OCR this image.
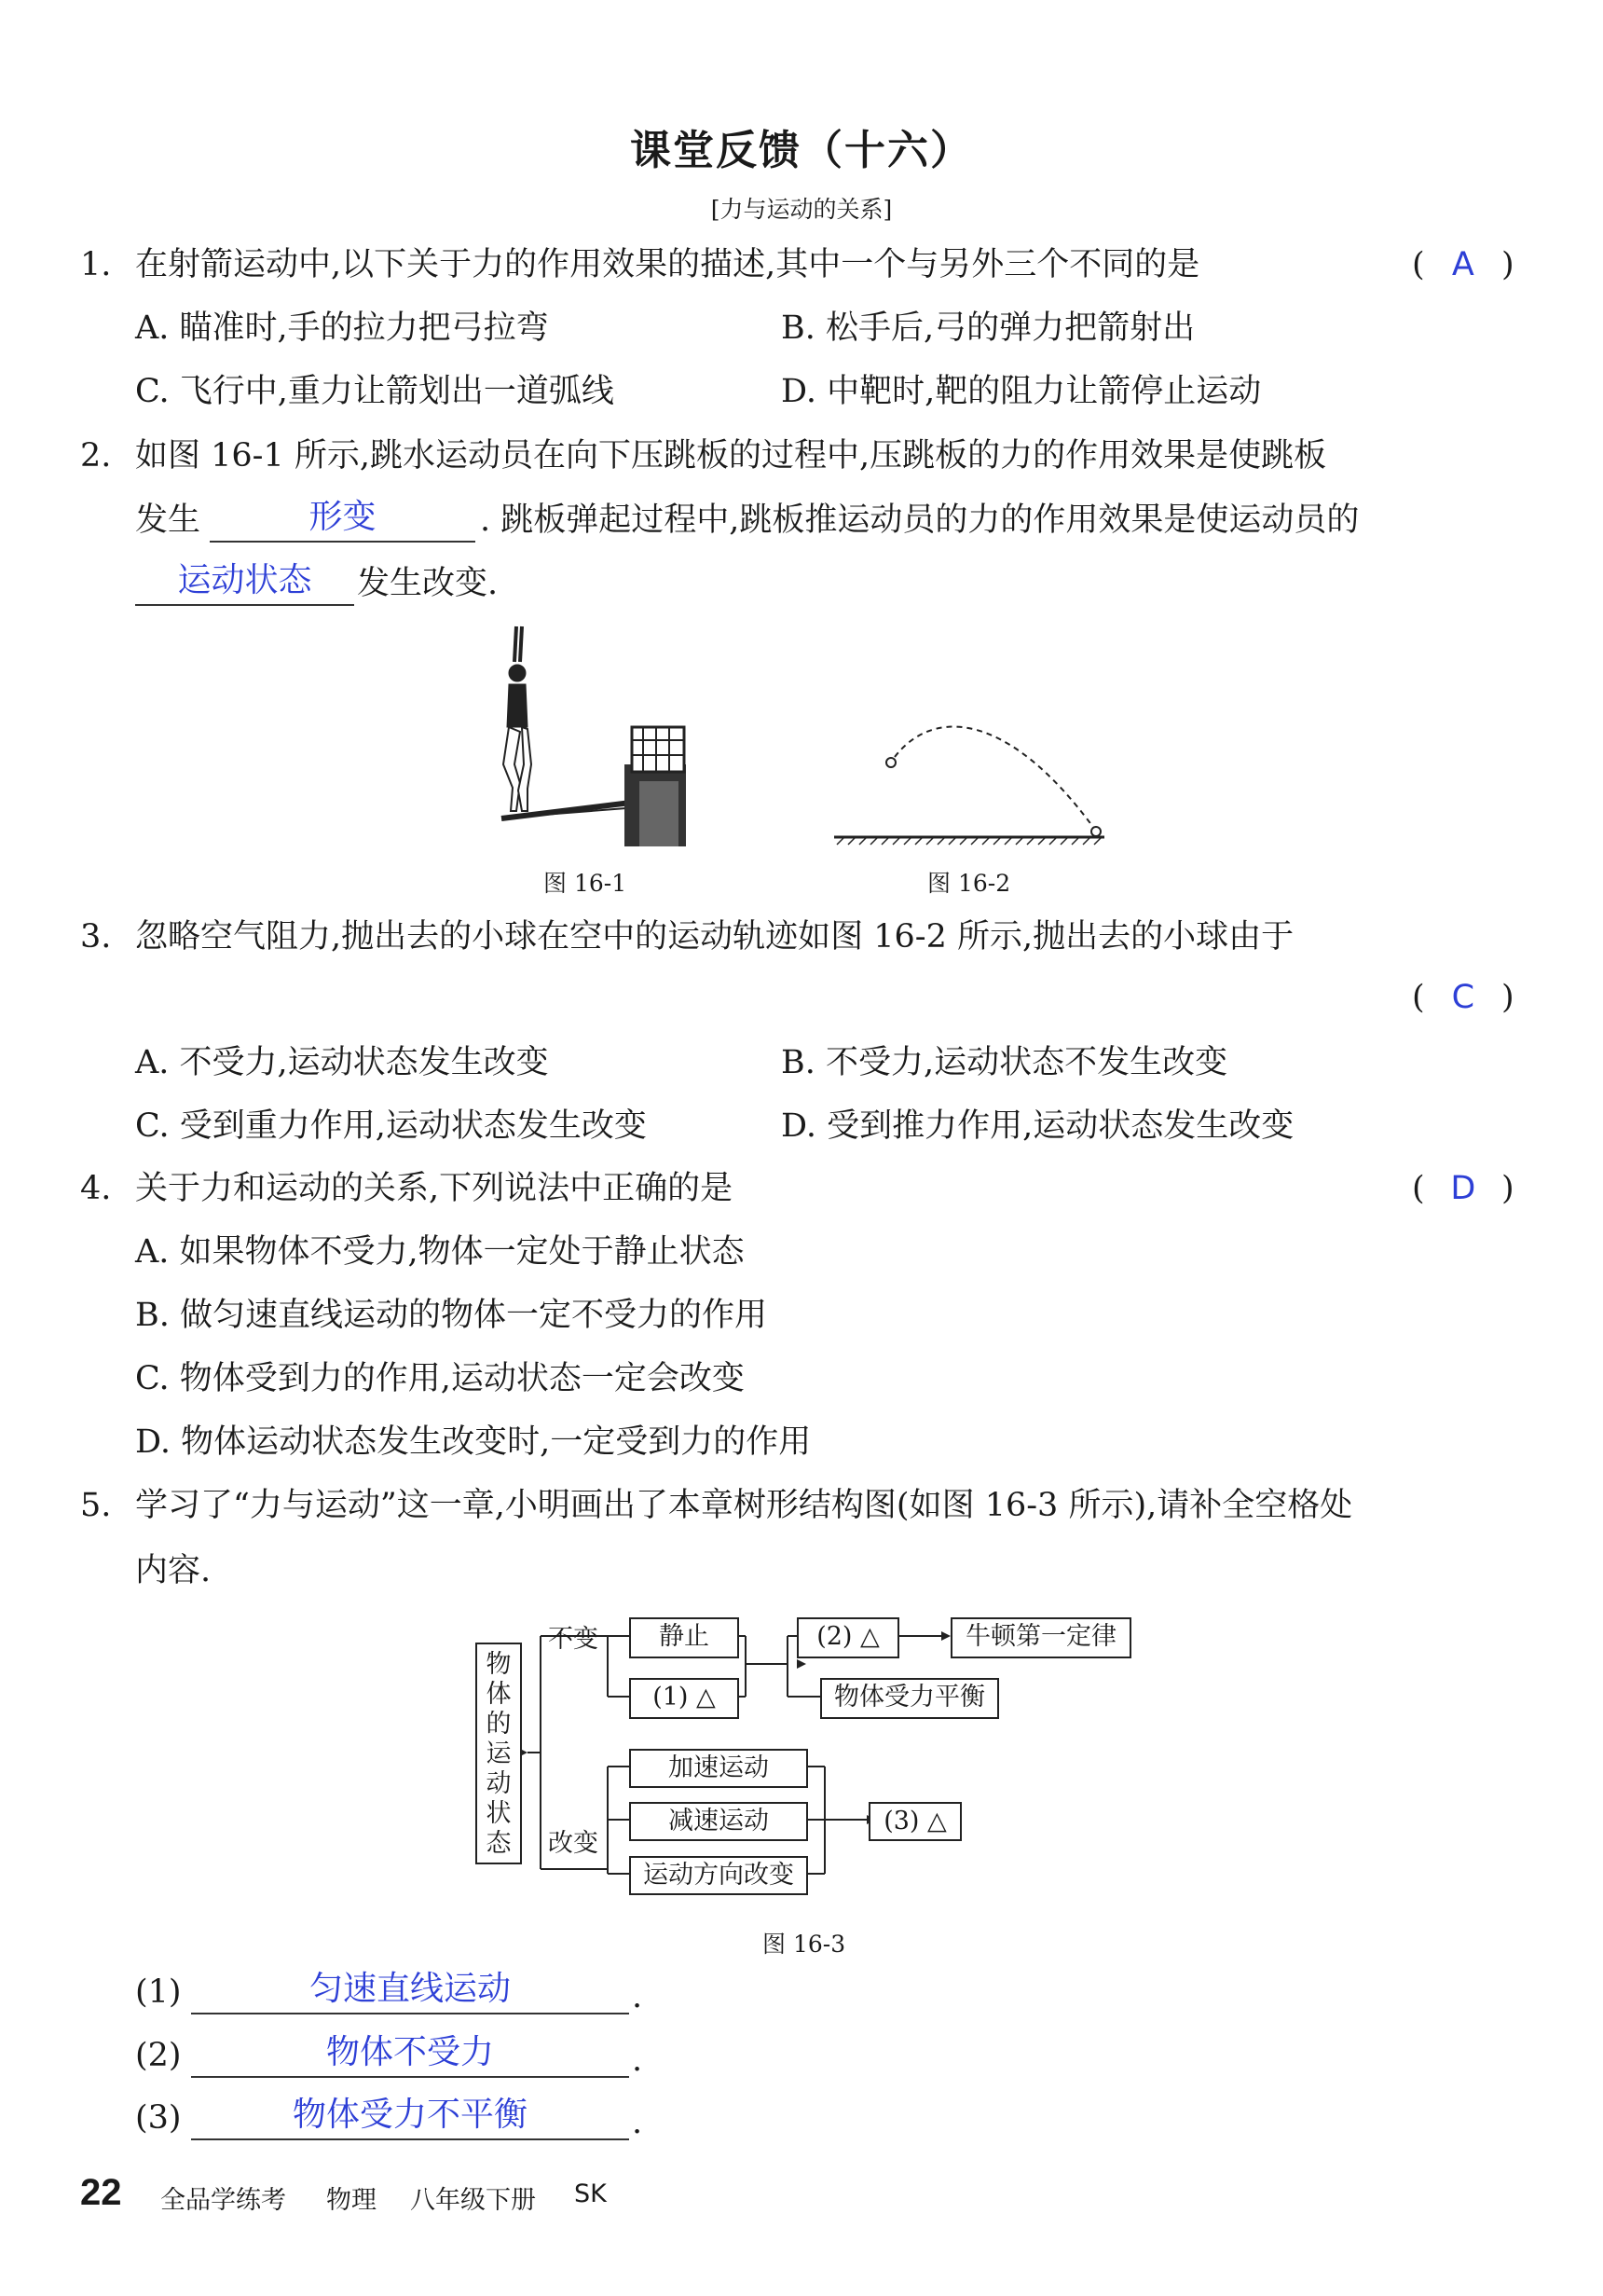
课堂反馈（十六）
[力与运动的关系]
1. 在射箭运动中,以下关于力的作用效果的描述,其中一个与另外三个不同的是	( A )
A. 瞄准时,手的拉力把弓拉弯	B. 松手后,弓的弹力把箭射出
C. 飞行中,重力让箭划出一道弧线	D. 中靶时,靶的阻力让箭停止运动
2. 如图 16-1 所示,跳水运动员在向下压跳板的过程中,压跳板的力的作用效果是使跳板
发生	形变	. 跳板弹起过程中,跳板推运动员的力的作用效果是使运动员的
运动状态	发生改变.
图 16-1	图 16-2
3. 忽略空气阻力,抛出去的小球在空中的运动轨迹如图 16-2 所示,抛出去的小球由于
( C )
A. 不受力,运动状态发生改变	B. 不受力,运动状态不发生改变
C. 受到重力作用,运动状态发生改变	D. 受到推力作用,运动状态发生改变
4. 关于力和运动的关系,下列说法中正确的是	( D )
A. 如果物体不受力,物体一定处于静止状态
B. 做匀速直线运动的物体一定不受力的作用
C. 物体受到力的作用,运动状态一定会改变
D. 物体运动状态发生改变时,一定受到力的作用
5. 学习了“力与运动”这一章,小明画出了本章树形结构图(如图 16-3 所示),请补全空格处
内容.
物体的运动状态
不变
改变
静止
(1) △
(2) △	牛顿第一定律
物体受力平衡
加速运动
减速运动
运动方向改变
(3) △
图 16-3
(1)	匀速直线运动	.
(2)	物体不受力	.
(3)	物体受力不平衡	.
22 全品学练考 物理 八年级下册 SK
